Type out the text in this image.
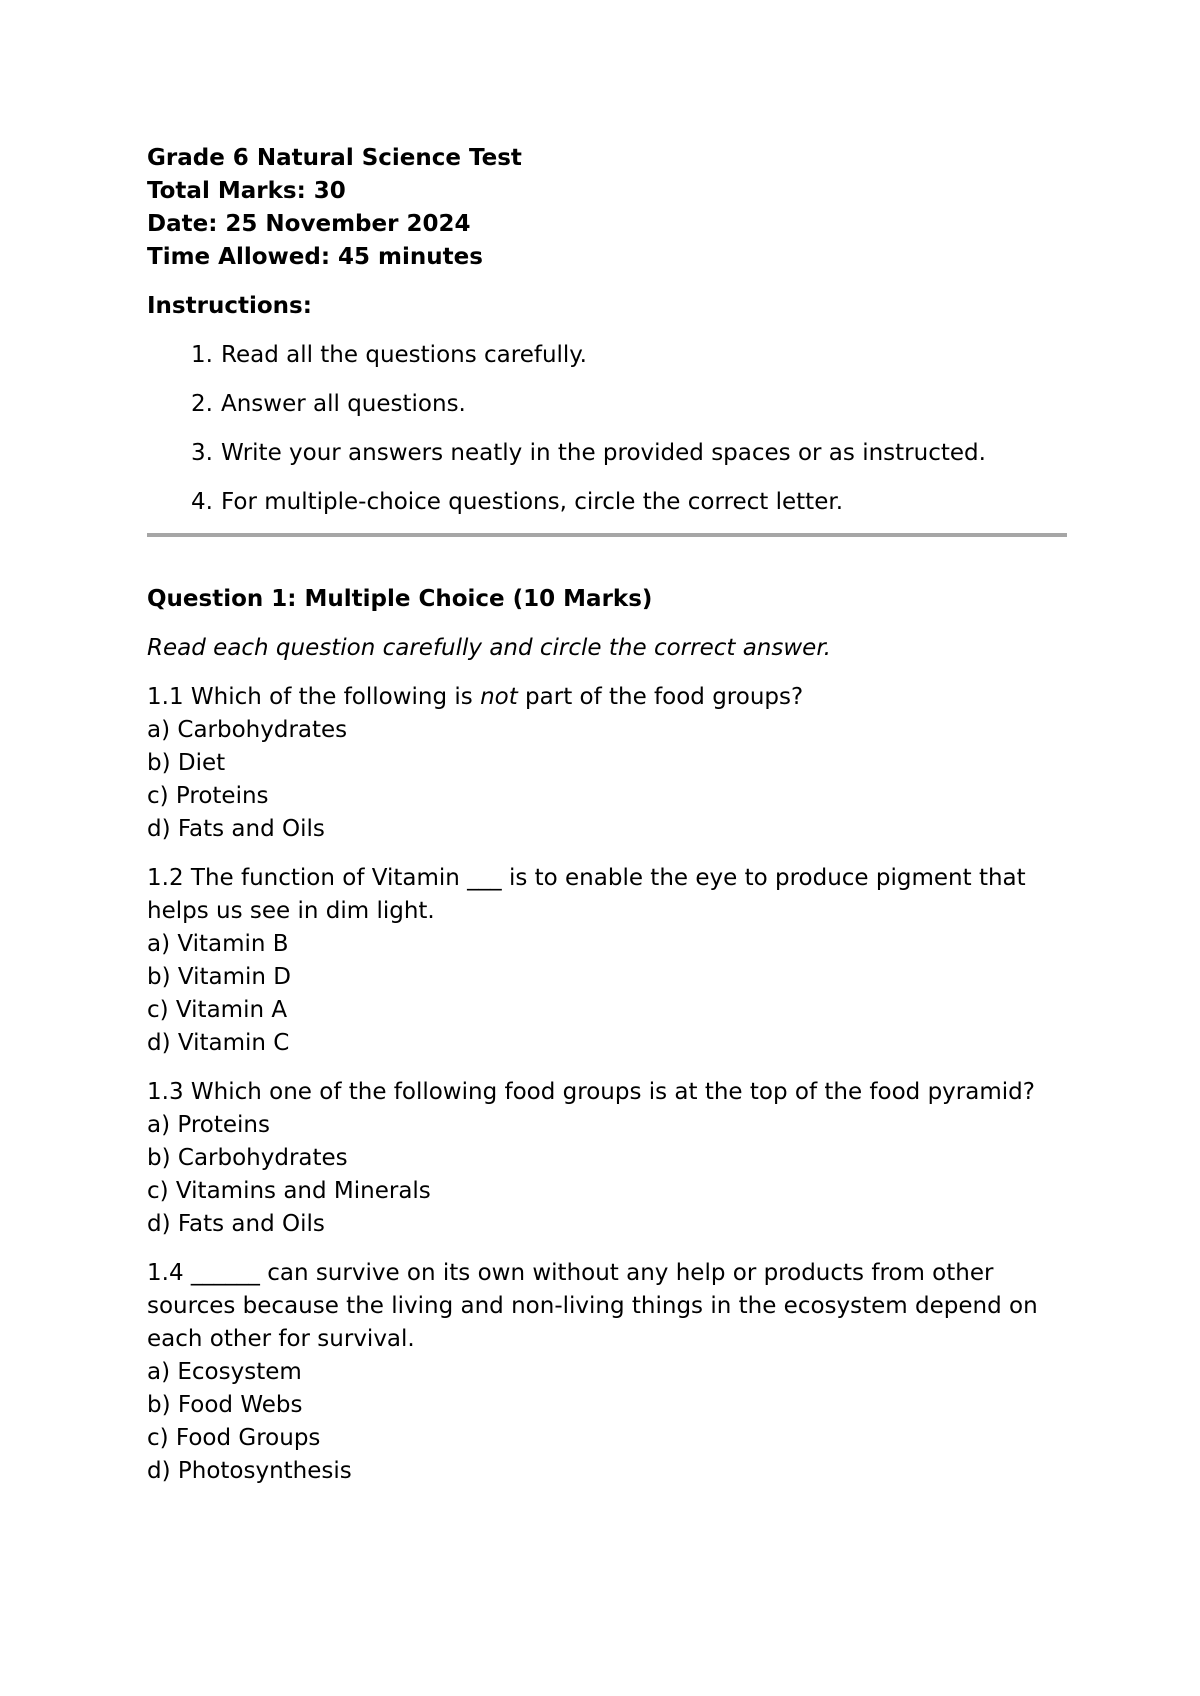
Grade 6 Natural Science Test

Total Marks: 30

Date: 25 November 2024

Time Allowed: 45 minutes

Instructions:

1. Read all the questions carefully.
2. Answer all questions.
3. Write your answers neatly in the provided spaces or as instructed.
4. For multiple-choice questions, circle the correct letter.

Question 1: Multiple Choice (10 Marks)

Read each question carefully and circle the correct answer.

1.1 Which of the following is not part of the food groups?

a) Carbohydrates
b) Diet
c) Proteins
d) Fats and Oils

1.2 The function of Vitamin ___ is to enable the eye to produce pigment that helps us see in dim light.

a) Vitamin B
b) Vitamin D
c) Vitamin A
d) Vitamin C

1.3 Which one of the following food groups is at the top of the food pyramid?

a) Proteins
b) Carbohydrates
c) Vitamins and Minerals
d) Fats and Oils

1.4 ______ can survive on its own without any help or products from other sources because the living and non-living things in the ecosystem depend on each other for survival.

a) Ecosystem
b) Food Webs
c) Food Groups
d) Photosynthesis
